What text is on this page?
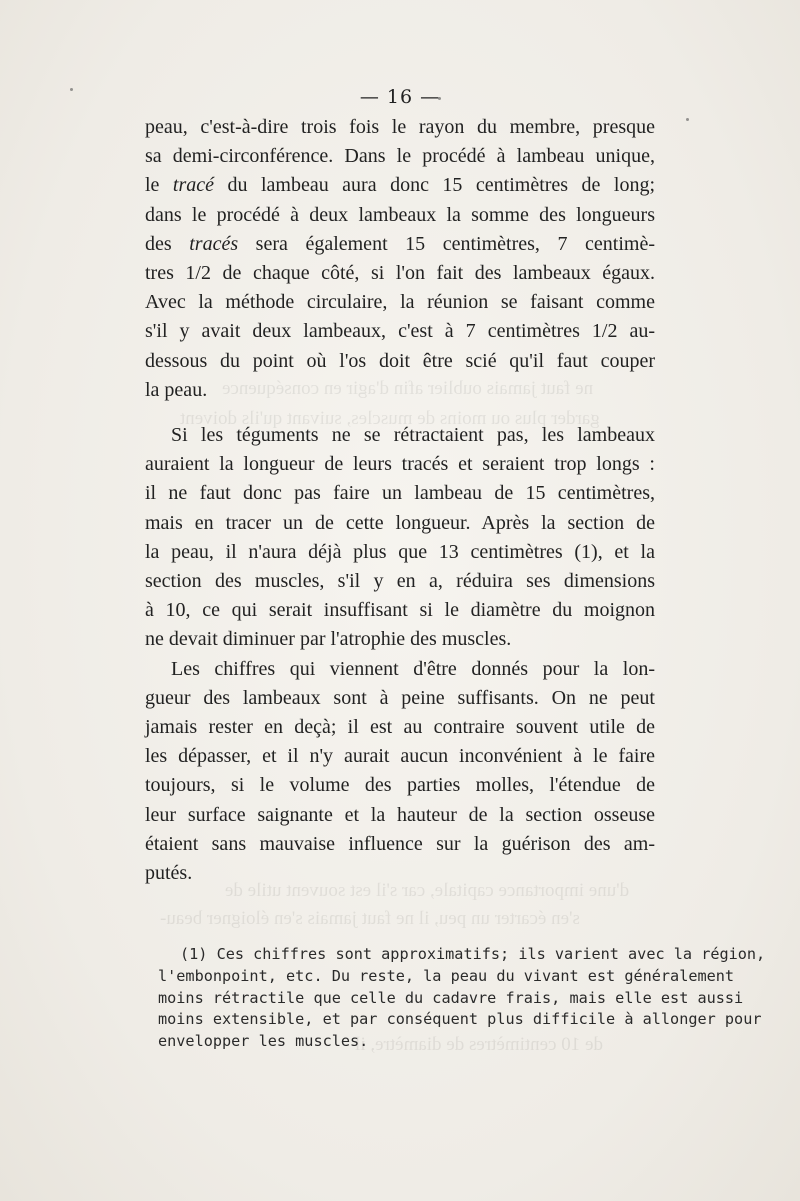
ne faut jamais oublier afin d'agir en conséquence
garder plus ou moins de muscles, suivant qu'ils doivent
d'une importance capitale, car s'il est souvent utile de
s'en écarter un peu, il ne faut jamais s'en éloigner beau-
de 10 centimètres de diamètre, il
— 16 —
peau, c'est-à-dire trois fois le rayon du membre, presque
sa demi-circonférence. Dans le procédé à lambeau unique,
le tracé du lambeau aura donc 15 centimètres de long;
dans le procédé à deux lambeaux la somme des longueurs
des tracés sera également 15 centimètres, 7 centimè-
tres 1/2 de chaque côté, si l'on fait des lambeaux égaux.
Avec la méthode circulaire, la réunion se faisant comme
s'il y avait deux lambeaux, c'est à 7 centimètres 1/2 au-
dessous du point où l'os doit être scié qu'il faut couper
la peau.
Si les téguments ne se rétractaient pas, les lambeaux
auraient la longueur de leurs tracés et seraient trop longs :
il ne faut donc pas faire un lambeau de 15 centimètres,
mais en tracer un de cette longueur. Après la section de
la peau, il n'aura déjà plus que 13 centimètres (1), et la
section des muscles, s'il y en a, réduira ses dimensions
à 10, ce qui serait insuffisant si le diamètre du moignon
ne devait diminuer par l'atrophie des muscles.
Les chiffres qui viennent d'être donnés pour la lon-
gueur des lambeaux sont à peine suffisants. On ne peut
jamais rester en deçà; il est au contraire souvent utile de
les dépasser, et il n'y aurait aucun inconvénient à le faire
toujours, si le volume des parties molles, l'étendue de
leur surface saignante et la hauteur de la section osseuse
étaient sans mauvaise influence sur la guérison des am-
putés.
(1) Ces chiffres sont approximatifs; ils varient avec la région,
l'embonpoint, etc. Du reste, la peau du vivant est généralement
moins rétractile que celle du cadavre frais, mais elle est aussi
moins extensible, et par conséquent plus difficile à allonger pour
envelopper les muscles.
